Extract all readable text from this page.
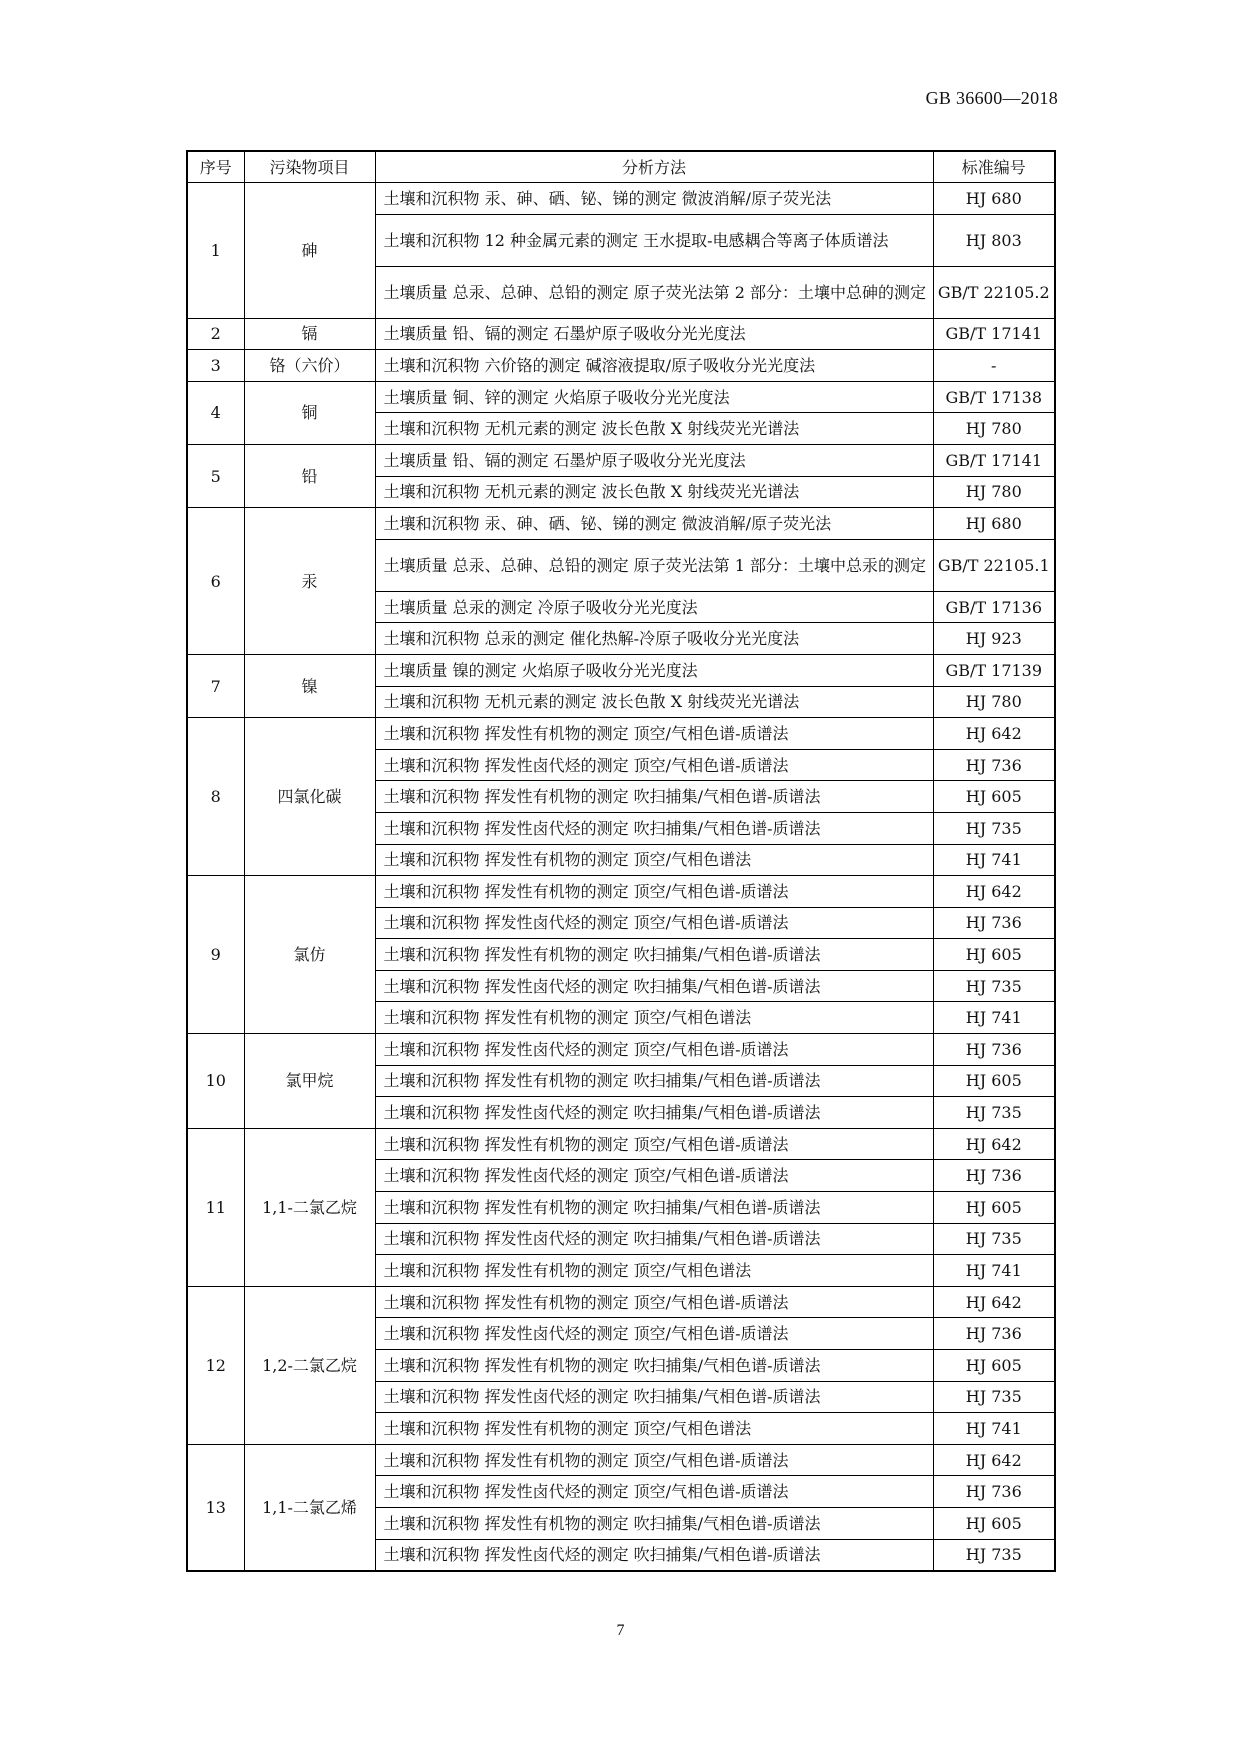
GB 36600—2018
序号	污染物项目	分析方法	标准编号
1	砷	土壤和沉积物 汞、砷、硒、铋、锑的测定 微波消解/原子荧光法	HJ 680
		土壤和沉积物 12 种金属元素的测定 王水提取-电感耦合等离子体质谱法	HJ 803
		土壤质量 总汞、总砷、总铅的测定 原子荧光法第 2 部分：土壤中总砷的测定	GB/T 22105.2
2	镉	土壤质量 铅、镉的测定 石墨炉原子吸收分光光度法	GB/T 17141
3	铬（六价）	土壤和沉积物 六价铬的测定 碱溶液提取/原子吸收分光光度法	-
4	铜	土壤质量 铜、锌的测定 火焰原子吸收分光光度法	GB/T 17138
		土壤和沉积物 无机元素的测定 波长色散 X 射线荧光光谱法	HJ 780
5	铅	土壤质量 铅、镉的测定 石墨炉原子吸收分光光度法	GB/T 17141
		土壤和沉积物 无机元素的测定 波长色散 X 射线荧光光谱法	HJ 780
6	汞	土壤和沉积物 汞、砷、硒、铋、锑的测定 微波消解/原子荧光法	HJ 680
		土壤质量 总汞、总砷、总铅的测定 原子荧光法第 1 部分：土壤中总汞的测定	GB/T 22105.1
		土壤质量 总汞的测定 冷原子吸收分光光度法	GB/T 17136
		土壤和沉积物 总汞的测定 催化热解-冷原子吸收分光光度法	HJ 923
7	镍	土壤质量 镍的测定 火焰原子吸收分光光度法	GB/T 17139
		土壤和沉积物 无机元素的测定 波长色散 X 射线荧光光谱法	HJ 780
8	四氯化碳	土壤和沉积物 挥发性有机物的测定 顶空/气相色谱-质谱法	HJ 642
		土壤和沉积物 挥发性卤代烃的测定 顶空/气相色谱-质谱法	HJ 736
		土壤和沉积物 挥发性有机物的测定 吹扫捕集/气相色谱-质谱法	HJ 605
		土壤和沉积物 挥发性卤代烃的测定 吹扫捕集/气相色谱-质谱法	HJ 735
		土壤和沉积物 挥发性有机物的测定 顶空/气相色谱法	HJ 741
9	氯仿	土壤和沉积物 挥发性有机物的测定 顶空/气相色谱-质谱法	HJ 642
		土壤和沉积物 挥发性卤代烃的测定 顶空/气相色谱-质谱法	HJ 736
		土壤和沉积物 挥发性有机物的测定 吹扫捕集/气相色谱-质谱法	HJ 605
		土壤和沉积物 挥发性卤代烃的测定 吹扫捕集/气相色谱-质谱法	HJ 735
		土壤和沉积物 挥发性有机物的测定 顶空/气相色谱法	HJ 741
10	氯甲烷	土壤和沉积物 挥发性卤代烃的测定 顶空/气相色谱-质谱法	HJ 736
		土壤和沉积物 挥发性有机物的测定 吹扫捕集/气相色谱-质谱法	HJ 605
		土壤和沉积物 挥发性卤代烃的测定 吹扫捕集/气相色谱-质谱法	HJ 735
11	1,1-二氯乙烷	土壤和沉积物 挥发性有机物的测定 顶空/气相色谱-质谱法	HJ 642
		土壤和沉积物 挥发性卤代烃的测定 顶空/气相色谱-质谱法	HJ 736
		土壤和沉积物 挥发性有机物的测定 吹扫捕集/气相色谱-质谱法	HJ 605
		土壤和沉积物 挥发性卤代烃的测定 吹扫捕集/气相色谱-质谱法	HJ 735
		土壤和沉积物 挥发性有机物的测定 顶空/气相色谱法	HJ 741
12	1,2-二氯乙烷	土壤和沉积物 挥发性有机物的测定 顶空/气相色谱-质谱法	HJ 642
		土壤和沉积物 挥发性卤代烃的测定 顶空/气相色谱-质谱法	HJ 736
		土壤和沉积物 挥发性有机物的测定 吹扫捕集/气相色谱-质谱法	HJ 605
		土壤和沉积物 挥发性卤代烃的测定 吹扫捕集/气相色谱-质谱法	HJ 735
		土壤和沉积物 挥发性有机物的测定 顶空/气相色谱法	HJ 741
13	1,1-二氯乙烯	土壤和沉积物 挥发性有机物的测定 顶空/气相色谱-质谱法	HJ 642
		土壤和沉积物 挥发性卤代烃的测定 顶空/气相色谱-质谱法	HJ 736
		土壤和沉积物 挥发性有机物的测定 吹扫捕集/气相色谱-质谱法	HJ 605
		土壤和沉积物 挥发性卤代烃的测定 吹扫捕集/气相色谱-质谱法	HJ 735
7
